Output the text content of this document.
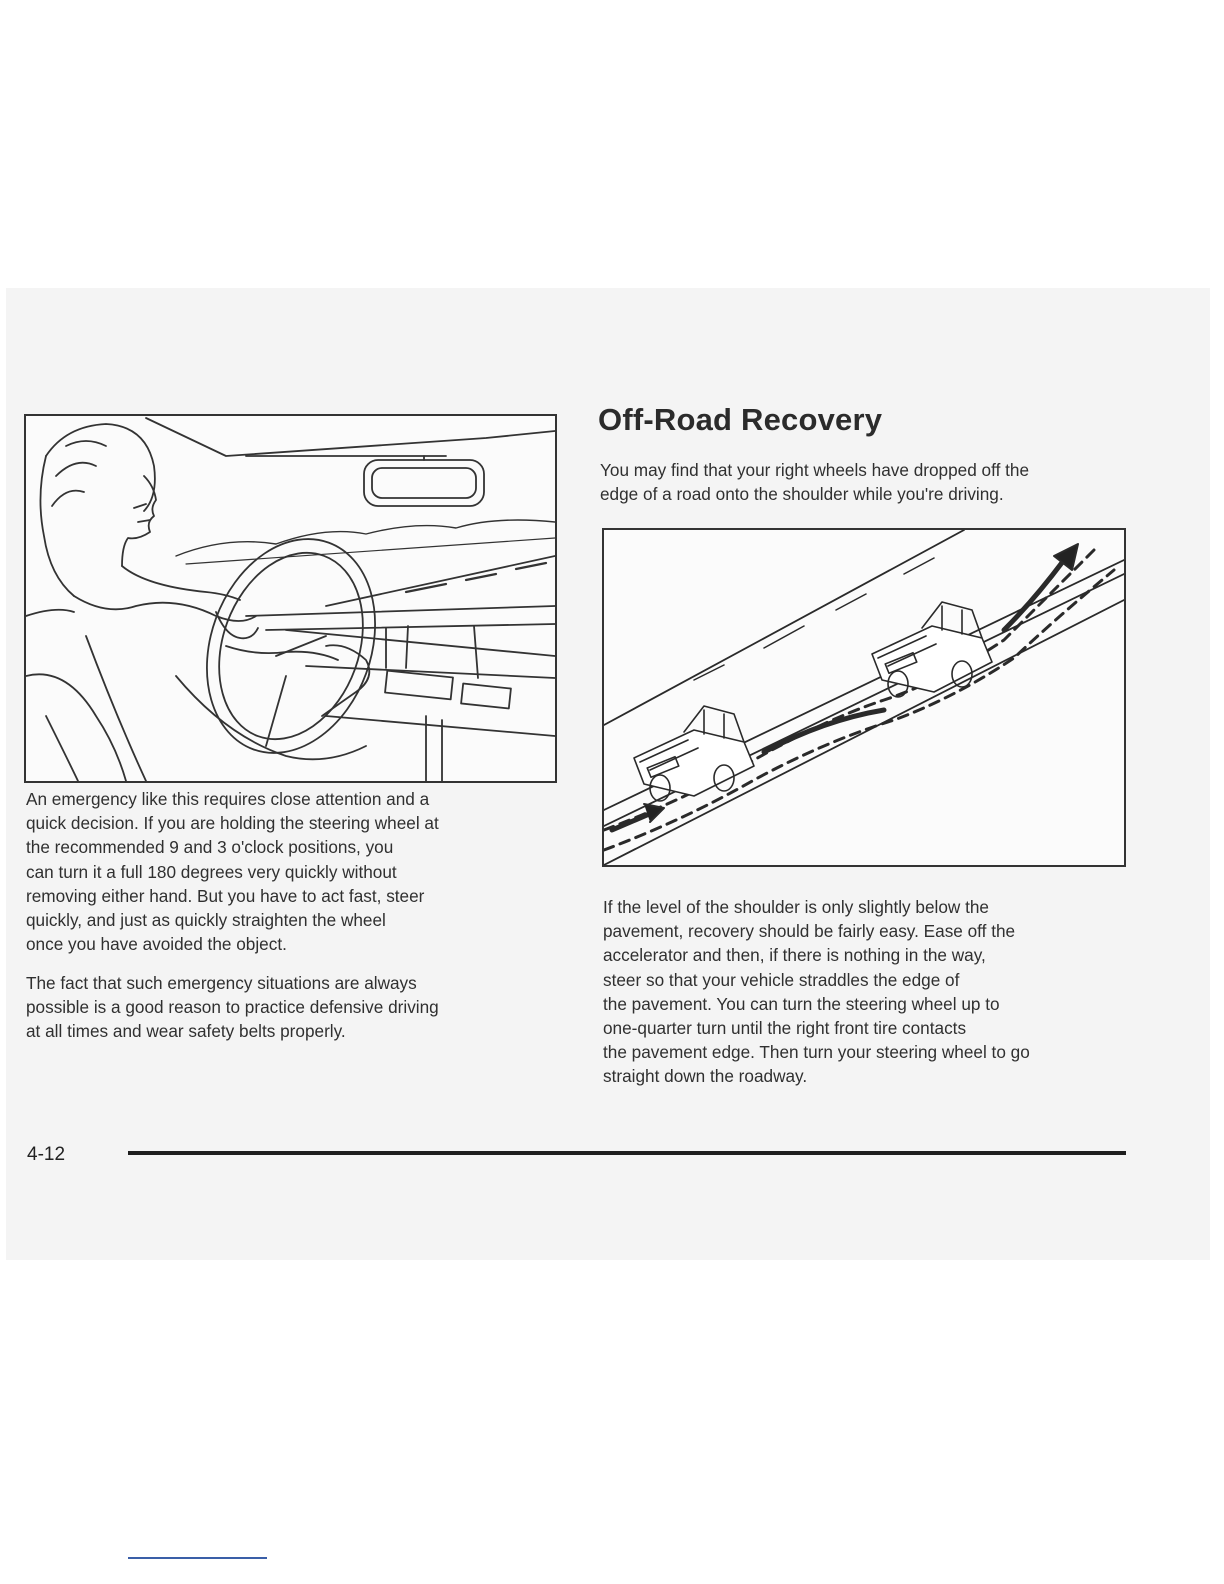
Off-Road Recovery

You may find that your right wheels have dropped off the
edge of a road onto the shoulder while you're driving.

An emergency like this requires close attention and a
quick decision. If you are holding the steering wheel at
the recommended 9 and 3 o'clock positions, you
can turn it a full 180 degrees very quickly without
removing either hand. But you have to act fast, steer
quickly, and just as quickly straighten the wheel
once you have avoided the object.

The fact that such emergency situations are always
possible is a good reason to practice defensive driving
at all times and wear safety belts properly.

If the level of the shoulder is only slightly below the
pavement, recovery should be fairly easy. Ease off the
accelerator and then, if there is nothing in the way,
steer so that your vehicle straddles the edge of
the pavement. You can turn the steering wheel up to
one-quarter turn until the right front tire contacts
the pavement edge. Then turn your steering wheel to go
straight down the roadway.

4-12
